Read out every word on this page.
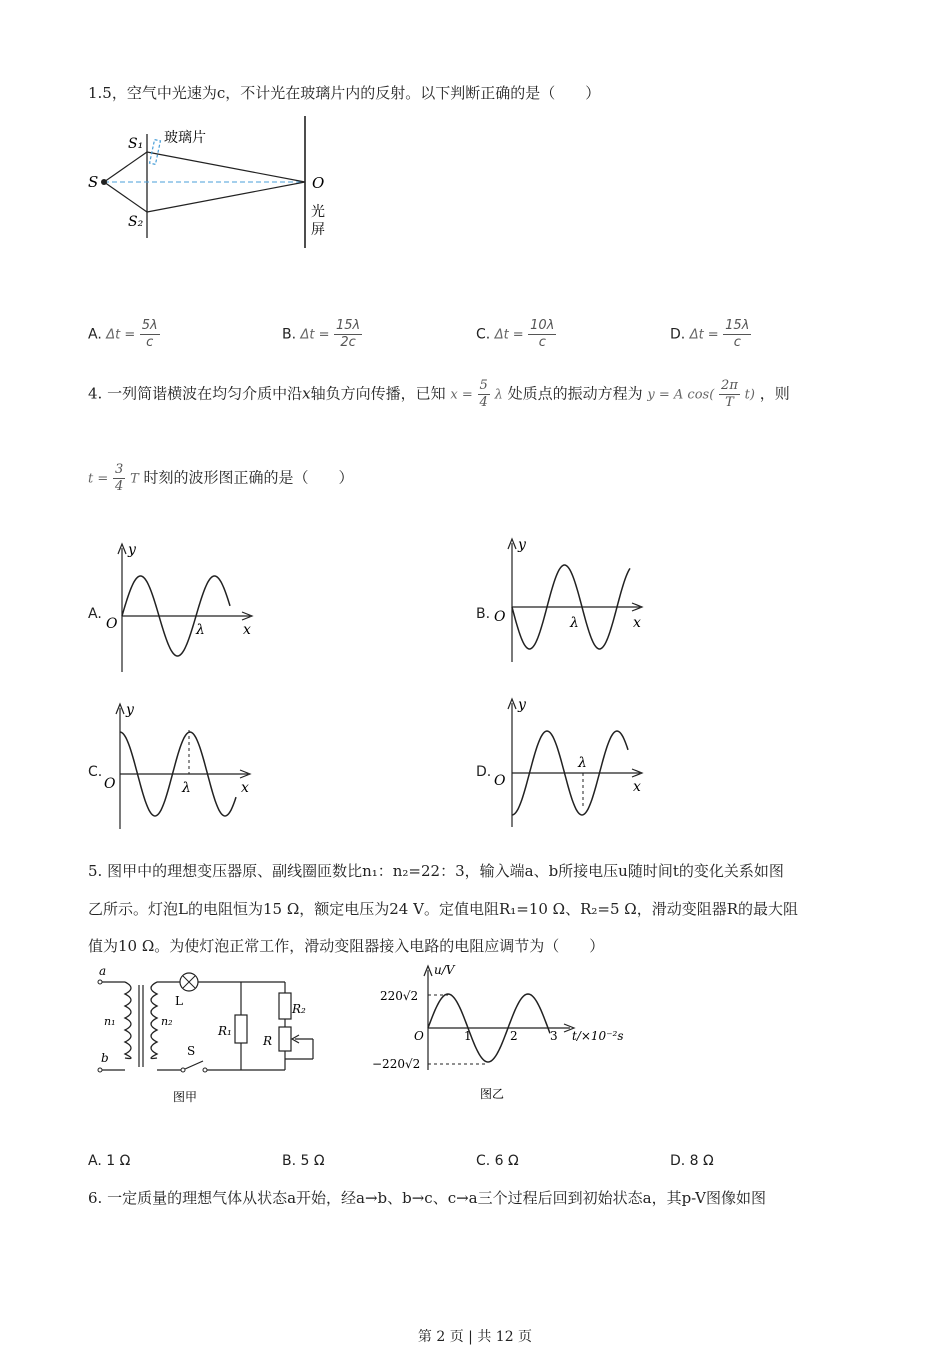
1.5，空气中光速为c，不计光在玻璃片内的反射。以下判断正确的是（　　）
玻璃片
S
S₁
S₂
O
光
屏
A. $\Delta t = \frac{5\lambda}{c}$	B. $\Delta t = \frac{15\lambda}{2c}$	C. $\Delta t = \frac{10\lambda}{c}$	D. $\Delta t = \frac{15\lambda}{c}$
4. 一列简谐横波在均匀介质中沿x轴负方向传播，已知 $x = \frac{5}{4}$ λ 处质点的振动方程为 y = A $\cos( \frac{2\pi}{T} t)$ ，则
$t = \frac{3}{4}$ T 时刻的波形图正确的是（　　）
A.	B.
C.	D.
y
O	x
λ
y
O	x
λ
y
O	x
λ
y
O	x
λ
5. 图甲中的理想变压器原、副线圈匝数比n₁：n₂=22：3，输入端a、b所接电压u随时间t的变化关系如图
乙所示。灯泡L的电阻恒为15 Ω，额定电压为24 V。定值电阻R₁=10 Ω、R₂=5 Ω，滑动变阻器R的最大阻
值为10 Ω。为使灯泡正常工作，滑动变阻器接入电路的电阻应调节为（　　）
a
b
n₁	n₂
L
S
R₁
R₂
R
图甲
u/V
220√2
−220√2
O	1	2	3 t/×10⁻²s
图乙
A. 1 Ω	B. 5 Ω	C. 6 Ω	D. 8 Ω
6. 一定质量的理想气体从状态a开始，经a→b、b→c、c→a三个过程后回到初始状态a，其p-V图像如图
第 2 页 | 共 12 页
